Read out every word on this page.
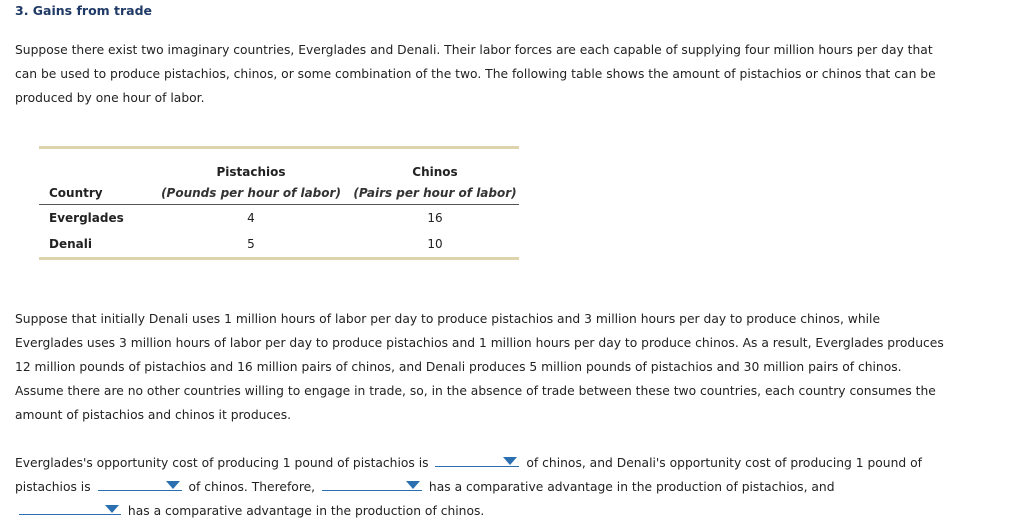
3. Gains from trade

Suppose there exist two imaginary countries, Everglades and Denali. Their labor forces are each capable of supplying four million hours per day that can be used to produce pistachios, chinos, or some combination of the two. The following table shows the amount of pistachios or chinos that can be produced by one hour of labor.

	Pistachios	Chinos
Country	(Pounds per hour of labor)	(Pairs per hour of labor)
Everglades	4	16
Denali	5	10

Suppose that initially Denali uses 1 million hours of labor per day to produce pistachios and 3 million hours per day to produce chinos, while Everglades uses 3 million hours of labor per day to produce pistachios and 1 million hours per day to produce chinos. As a result, Everglades produces 12 million pounds of pistachios and 16 million pairs of chinos, and Denali produces 5 million pounds of pistachios and 30 million pairs of chinos. Assume there are no other countries willing to engage in trade, so, in the absence of trade between these two countries, each country consumes the amount of pistachios and chinos it produces.

Everglades's opportunity cost of producing 1 pound of pistachios is	of chinos, and Denali's opportunity cost of producing 1 pound of pistachios is	of chinos. Therefore,	has a comparative advantage in the production of pistachios, and

has a comparative advantage in the production of chinos.
